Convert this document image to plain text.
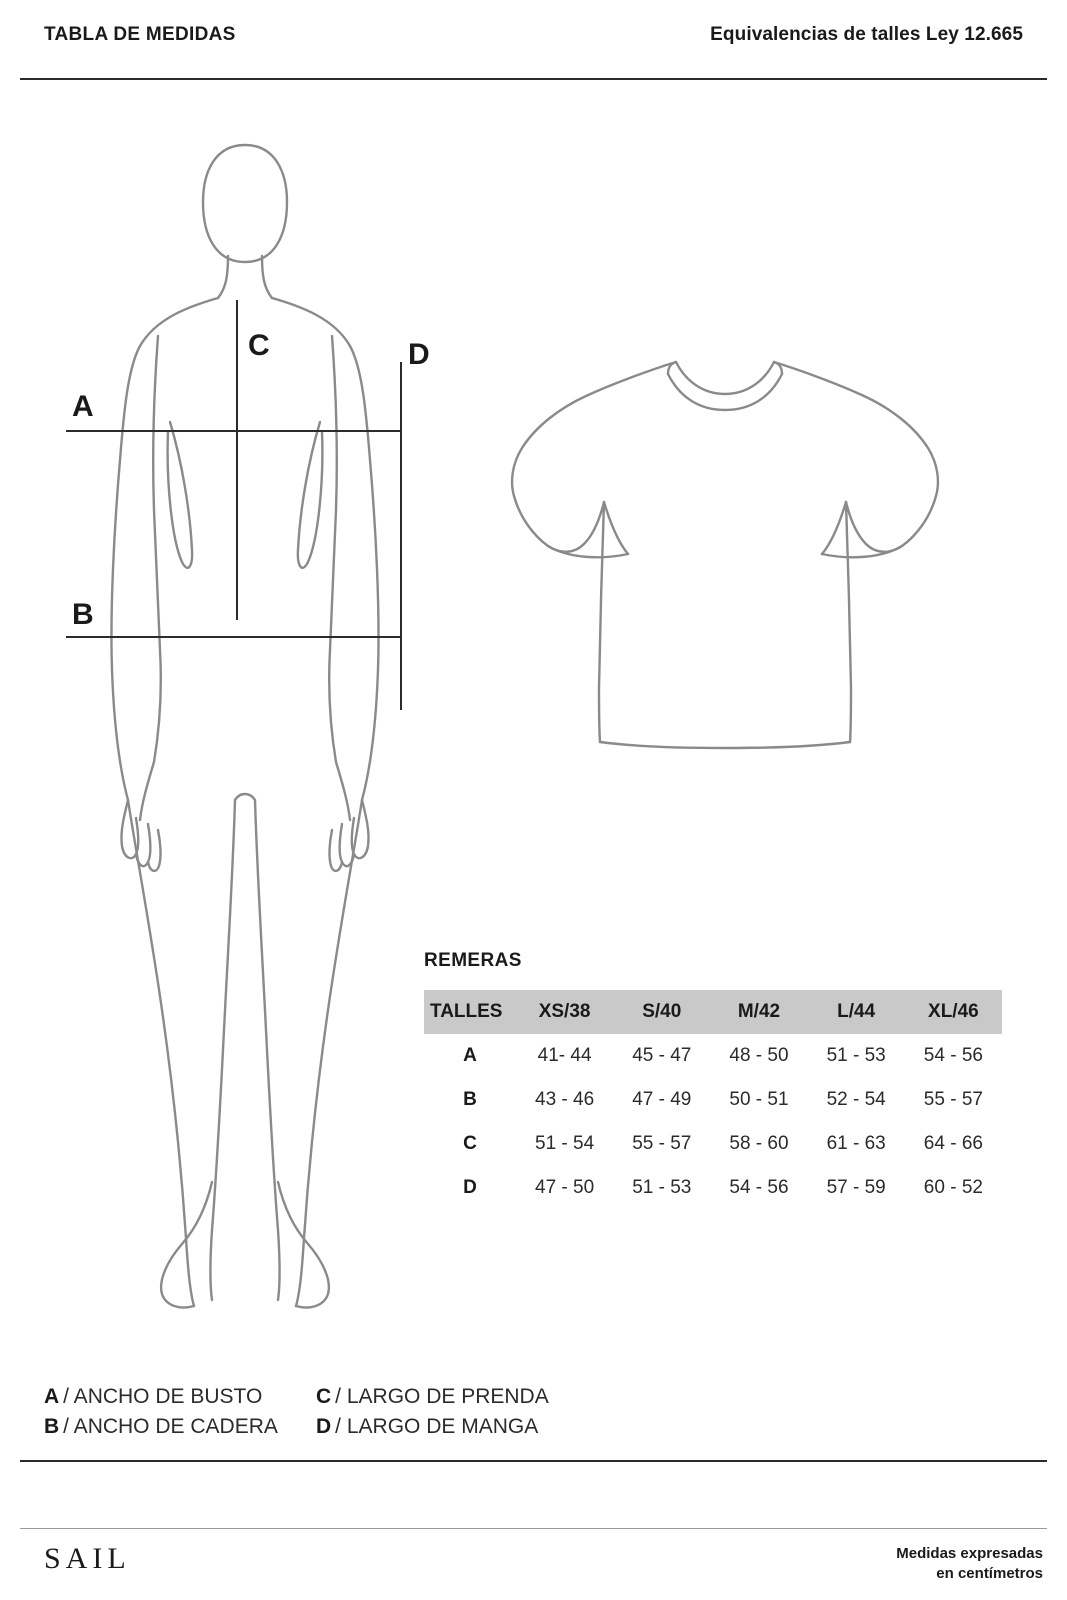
TABLA DE MEDIDAS	Equivalencias de talles Ley 12.665
A
B
C	D
REMERAS
TALLES	XS/38	S/40	M/42	L/44	XL/46
A	41- 44	45 - 47	48 - 50	51 - 53	54 - 56
B	43 - 46	47 - 49	50 - 51	52 - 54	55 - 57
C	51 - 54	55 - 57	58 - 60	61 - 63	64 - 66
D	47 - 50	51 - 53	54 - 56	57 - 59	60 - 52
A / ANCHO DE BUSTO	C / LARGO DE PRENDA
B / ANCHO DE CADERA D / LARGO DE MANGA
SAIL	Medidas expresadas
en centímetros
